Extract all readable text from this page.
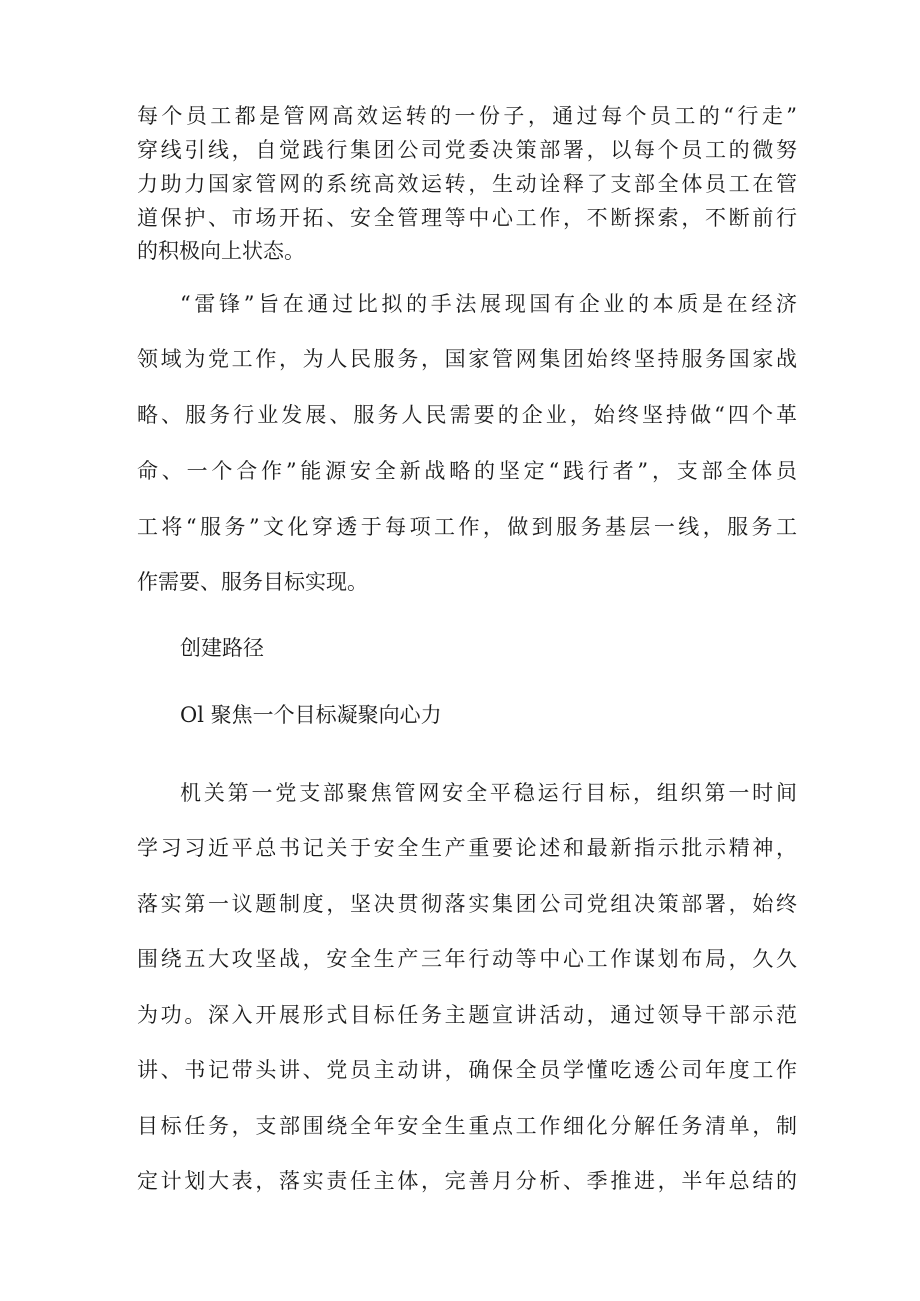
每个员工都是管网高效运转的一份子，通过每个员工的“行走”
穿线引线，自觉践行集团公司党委决策部署，以每个员工的微努
力助力国家管网的系统高效运转，生动诠释了支部全体员工在管
道保护、市场开拓、安全管理等中心工作，不断探索，不断前行
的积极向上状态。
“雷锋”旨在通过比拟的手法展现国有企业的本质是在经济
领域为党工作，为人民服务，国家管网集团始终坚持服务国家战
略、服务行业发展、服务人民需要的企业，始终坚持做“四个革
命、一个合作”能源安全新战略的坚定“践行者”，支部全体员
工将“服务”文化穿透于每项工作，做到服务基层一线，服务工
作需要、服务目标实现。
创建路径
Ol 聚焦一个目标凝聚向心力
机关第一党支部聚焦管网安全平稳运行目标，组织第一时间
学习习近平总书记关于安全生产重要论述和最新指示批示精神，
落实第一议题制度，坚决贯彻落实集团公司党组决策部署，始终
围绕五大攻坚战，安全生产三年行动等中心工作谋划布局，久久
为功。深入开展形式目标任务主题宣讲活动，通过领导干部示范
讲、书记带头讲、党员主动讲，确保全员学懂吃透公司年度工作
目标任务，支部围绕全年安全生重点工作细化分解任务清单，制
定计划大表，落实责任主体，完善月分析、季推进，半年总结的
